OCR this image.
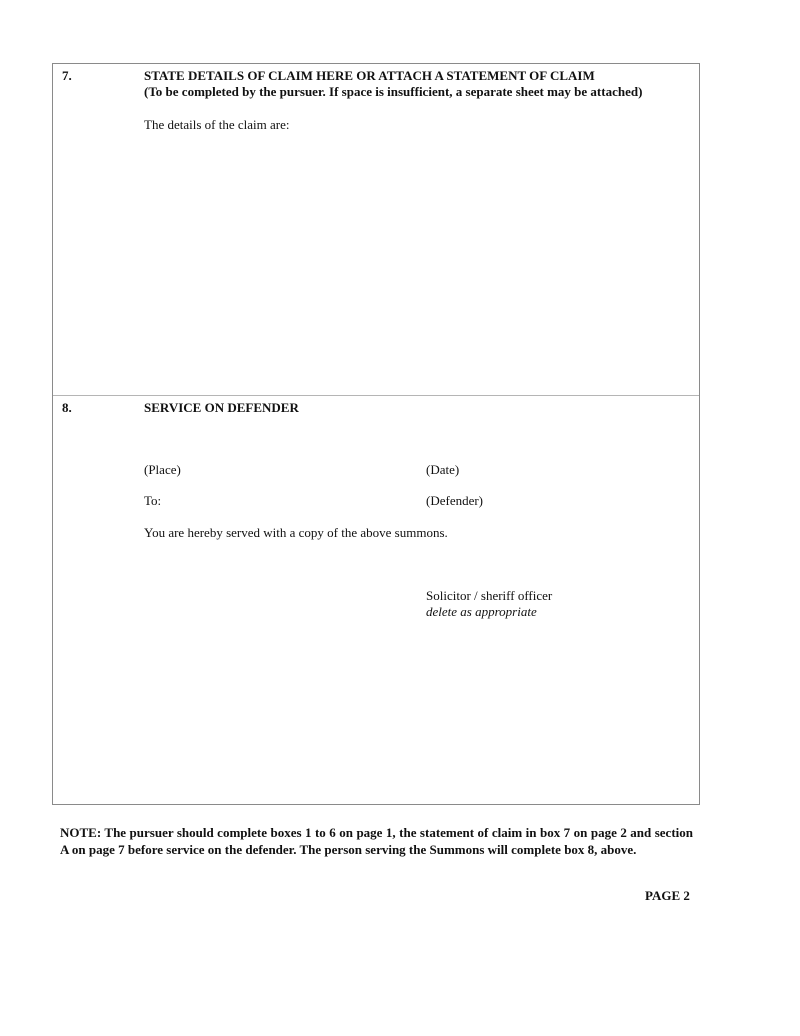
7.	STATE DETAILS OF CLAIM HERE OR ATTACH A STATEMENT OF CLAIM
(To be completed by the pursuer. If space is insufficient, a separate sheet may be attached)
The details of the claim are:
8.	SERVICE ON DEFENDER
(Place)	(Date)
To:	(Defender)
You are hereby served with a copy of the above summons.
Solicitor / sheriff officer
delete as appropriate
NOTE: The pursuer should complete boxes 1 to 6 on page 1, the statement of claim in box 7 on page 2 and section A on page 7 before service on the defender. The person serving the Summons will complete box 8, above.
PAGE 2
